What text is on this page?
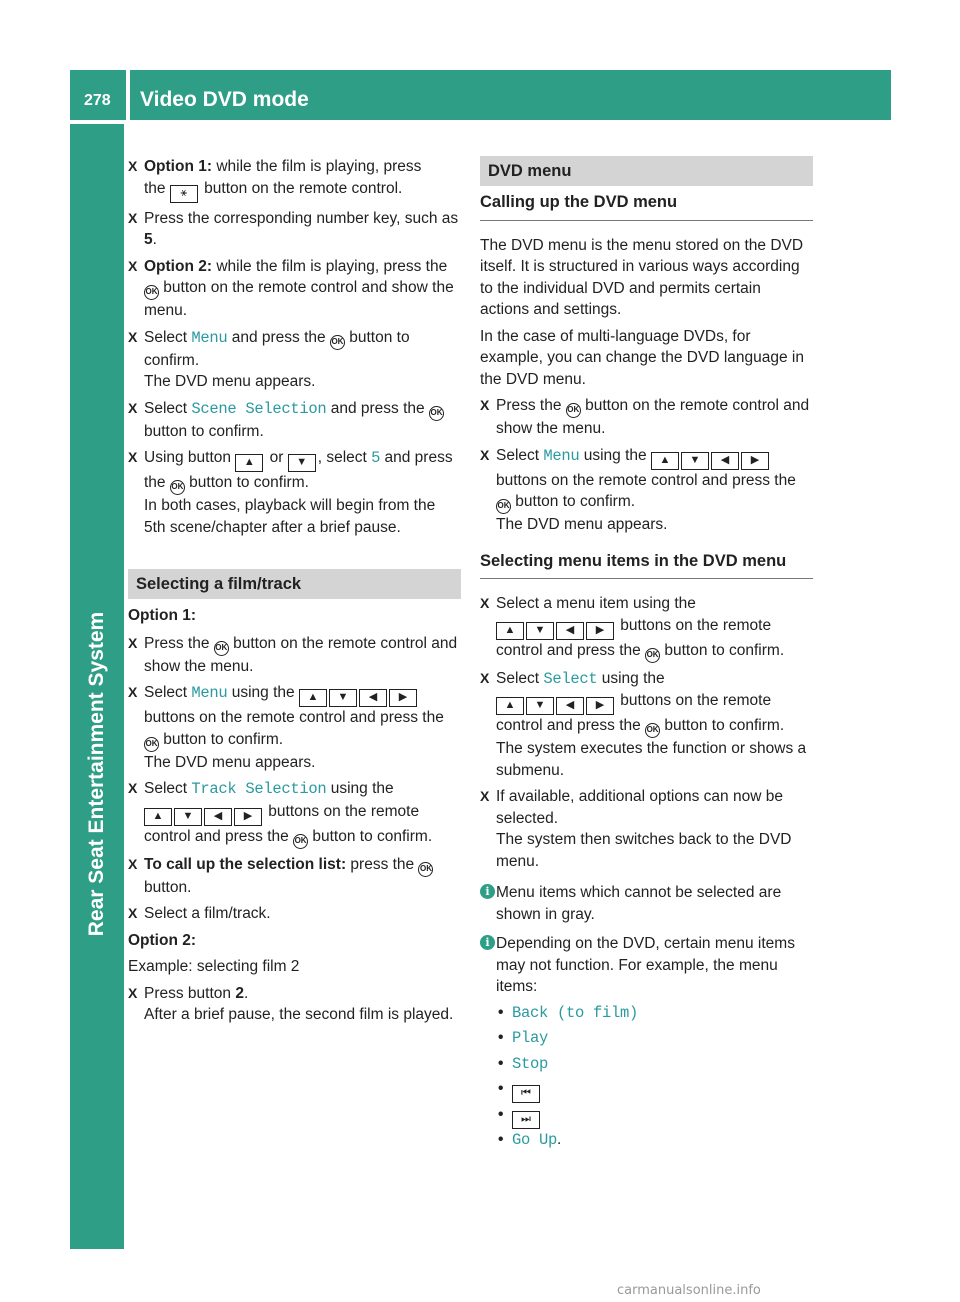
278 Video DVD mode
Rear Seat Entertainment System
X Option 1: while the film is playing, press
the ⚹ button on the remote control.
X Press the corresponding number key, such as 5.
X Option 2: while the film is playing, press the OK button on the remote control and show the menu.
X Select Menu and press the OK button to confirm.
The DVD menu appears.
X Select Scene Selection and press the OK button to confirm.
X Using button ▲ or ▼ , select 5 and press the OK button to confirm.
In both cases, playback will begin from the 5th scene/chapter after a brief pause.
Selecting a film/track
Option 1:
X Press the OK button on the remote control and show the menu.
X Select Menu using the ▲ ▼ ◀ ▶
buttons on the remote control and press the OK button to confirm.
The DVD menu appears.
X Select Track Selection using the
▲ ▼ ◀ ▶ buttons on the remote control and press the OK button to confirm.
X To call up the selection list: press the OK
button.
X Select a film/track.
Option 2:
Example: selecting film 2
X Press button 2.
After a brief pause, the second film is played.
DVD menu
Calling up the DVD menu
The DVD menu is the menu stored on the DVD itself. It is structured in various ways according to the individual DVD and permits certain actions and settings.
In the case of multi-language DVDs, for example, you can change the DVD language in the DVD menu.
X Press the OK button on the remote control and show the menu.
X Select Menu using the ▲ ▼ ◀ ▶
buttons on the remote control and press the OK button to confirm.
The DVD menu appears.
Selecting menu items in the DVD menu
X Select a menu item using the
▲ ▼ ◀ ▶ buttons on the remote control and press the OK button to confirm.
X Select Select using the
▲ ▼ ◀ ▶ buttons on the remote control and press the OK button to confirm.
The system executes the function or shows a submenu.
X If available, additional options can now be selected.
The system then switches back to the DVD menu.
i Menu items which cannot be selected are shown in gray.
i Depending on the DVD, certain menu items may not function. For example, the menu items:
• Back (to film)
• Play
• Stop
• ⏮
• ⏭
• Go Up.
carmanualsonline.info
